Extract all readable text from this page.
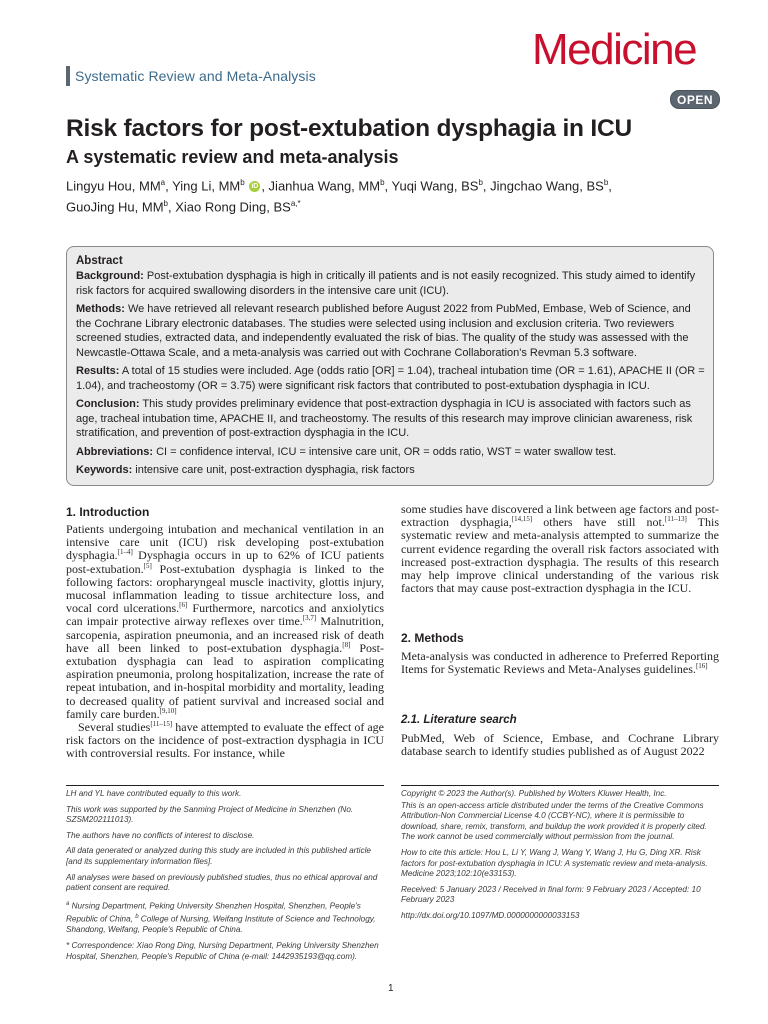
Systematic Review and Meta-Analysis
Medicine
OPEN
Risk factors for post-extubation dysphagia in ICU
A systematic review and meta-analysis
Lingyu Hou, $MM^a$, Ying Li, $MM^b$ iD , Jianhua Wang, $MM^b$, Yuqi Wang, $BS^b$, Jingchao Wang, $BS^b$,
GuoJing Hu, $MM^b$, Xiao Rong Ding, $BS^{a,*}$
Abstract

Background: Post-extubation dysphagia is high in critically ill patients and is not easily recognized. This study aimed to identify risk factors for acquired swallowing disorders in the intensive care unit (ICU).

Methods: We have retrieved all relevant research published before August 2022 from PubMed, Embase, Web of Science, and the Cochrane Library electronic databases. The studies were selected using inclusion and exclusion criteria. Two reviewers screened studies, extracted data, and independently evaluated the risk of bias. The quality of the study was assessed with the Newcastle-Ottawa Scale, and a meta-analysis was carried out with Cochrane Collaboration's Revman 5.3 software.

Results: A total of 15 studies were included. Age (odds ratio [OR] = 1.04), tracheal intubation time (OR = 1.61), APACHE II (OR = 1.04), and tracheostomy (OR = 3.75) were significant risk factors that contributed to post-extubation dysphagia in ICU.

Conclusion: This study provides preliminary evidence that post-extraction dysphagia in ICU is associated with factors such as age, tracheal intubation time, APACHE II, and tracheostomy. The results of this research may improve clinician awareness, risk stratification, and prevention of post-extraction dysphagia in the ICU.

Abbreviations: CI = confidence interval, ICU = intensive care unit, OR = odds ratio, WST = water swallow test.

Keywords: intensive care unit, post-extraction dysphagia, risk factors

1. Introduction

Patients undergoing intubation and mechanical ventilation in an intensive care unit (ICU) risk developing post-extubation dysphagia.[1–4] Dysphagia occurs in up to 62% of ICU patients post-extubation.[5] Post-extubation dysphagia is linked to the following factors: oropharyngeal muscle inactivity, glottis injury, mucosal inflammation leading to tissue architecture loss, and vocal cord ulcerations.[6] Furthermore, narcotics and anxiolytics can impair protective airway reflexes over time.[3,7] Malnutrition, sarcopenia, aspiration pneumonia, and an increased risk of death have all been linked to post-extubation dysphagia.[8] Post-extubation dysphagia can lead to aspiration complicating aspiration pneumonia, prolong hospitalization, increase the rate of repeat intubation, and in-hospital morbidity and mortality, leading to decreased quality of patient survival and increased social and family care burden.[9,10]

Several studies[11–15] have attempted to evaluate the effect of age risk factors on the incidence of post-extraction dysphagia in ICU with controversial results. For instance, while

some studies have discovered a link between age factors and post-extraction dysphagia,[14,15] others have still not.[11–13] This systematic review and meta-analysis attempted to summarize the current evidence regarding the overall risk factors associated with increased post-extraction dysphagia. The results of this research may help improve clinical understanding of the various risk factors that may cause post-extraction dysphagia in the ICU.

2. Methods

Meta-analysis was conducted in adherence to Preferred Reporting Items for Systematic Reviews and Meta-Analyses guidelines.[16]

2.1. Literature search

PubMed, Web of Science, Embase, and Cochrane Library database search to identify studies published as of August 2022

LH and YL have contributed equally to this work.

This work was supported by the Sanming Project of Medicine in Shenzhen (No. SZSM202111013).

The authors have no conflicts of interest to disclose.

All data generated or analyzed during this study are included in this published article [and its supplementary information files].

All analyses were based on previously published studies, thus no ethical approval and patient consent are required.

$^a$ Nursing Department, Peking University Shenzhen Hospital, Shenzhen, People's Republic of China, $^b$ College of Nursing, Weifang Institute of Science and Technology, Shandong, Weifang, People's Republic of China.

* Correspondence: Xiao Rong Ding, Nursing Department, Peking University Shenzhen Hospital, Shenzhen, People's Republic of China (e-mail: 1442935193@qq.com).

Copyright © 2023 the Author(s). Published by Wolters Kluwer Health, Inc.

This is an open-access article distributed under the terms of the Creative Commons Attribution-Non Commercial License 4.0 (CCBY-NC), where it is permissible to download, share, remix, transform, and buildup the work provided it is properly cited. The work cannot be used commercially without permission from the journal.

How to cite this article: Hou L, Li Y, Wang J, Wang Y, Wang J, Hu G, Ding XR. Risk factors for post-extubation dysphagia in ICU: A systematic review and meta-analysis. Medicine 2023;102:10(e33153).

Received: 5 January 2023 / Received in final form: 9 February 2023 / Accepted: 10 February 2023

http://dx.doi.org/10.1097/MD.0000000000033153

1
